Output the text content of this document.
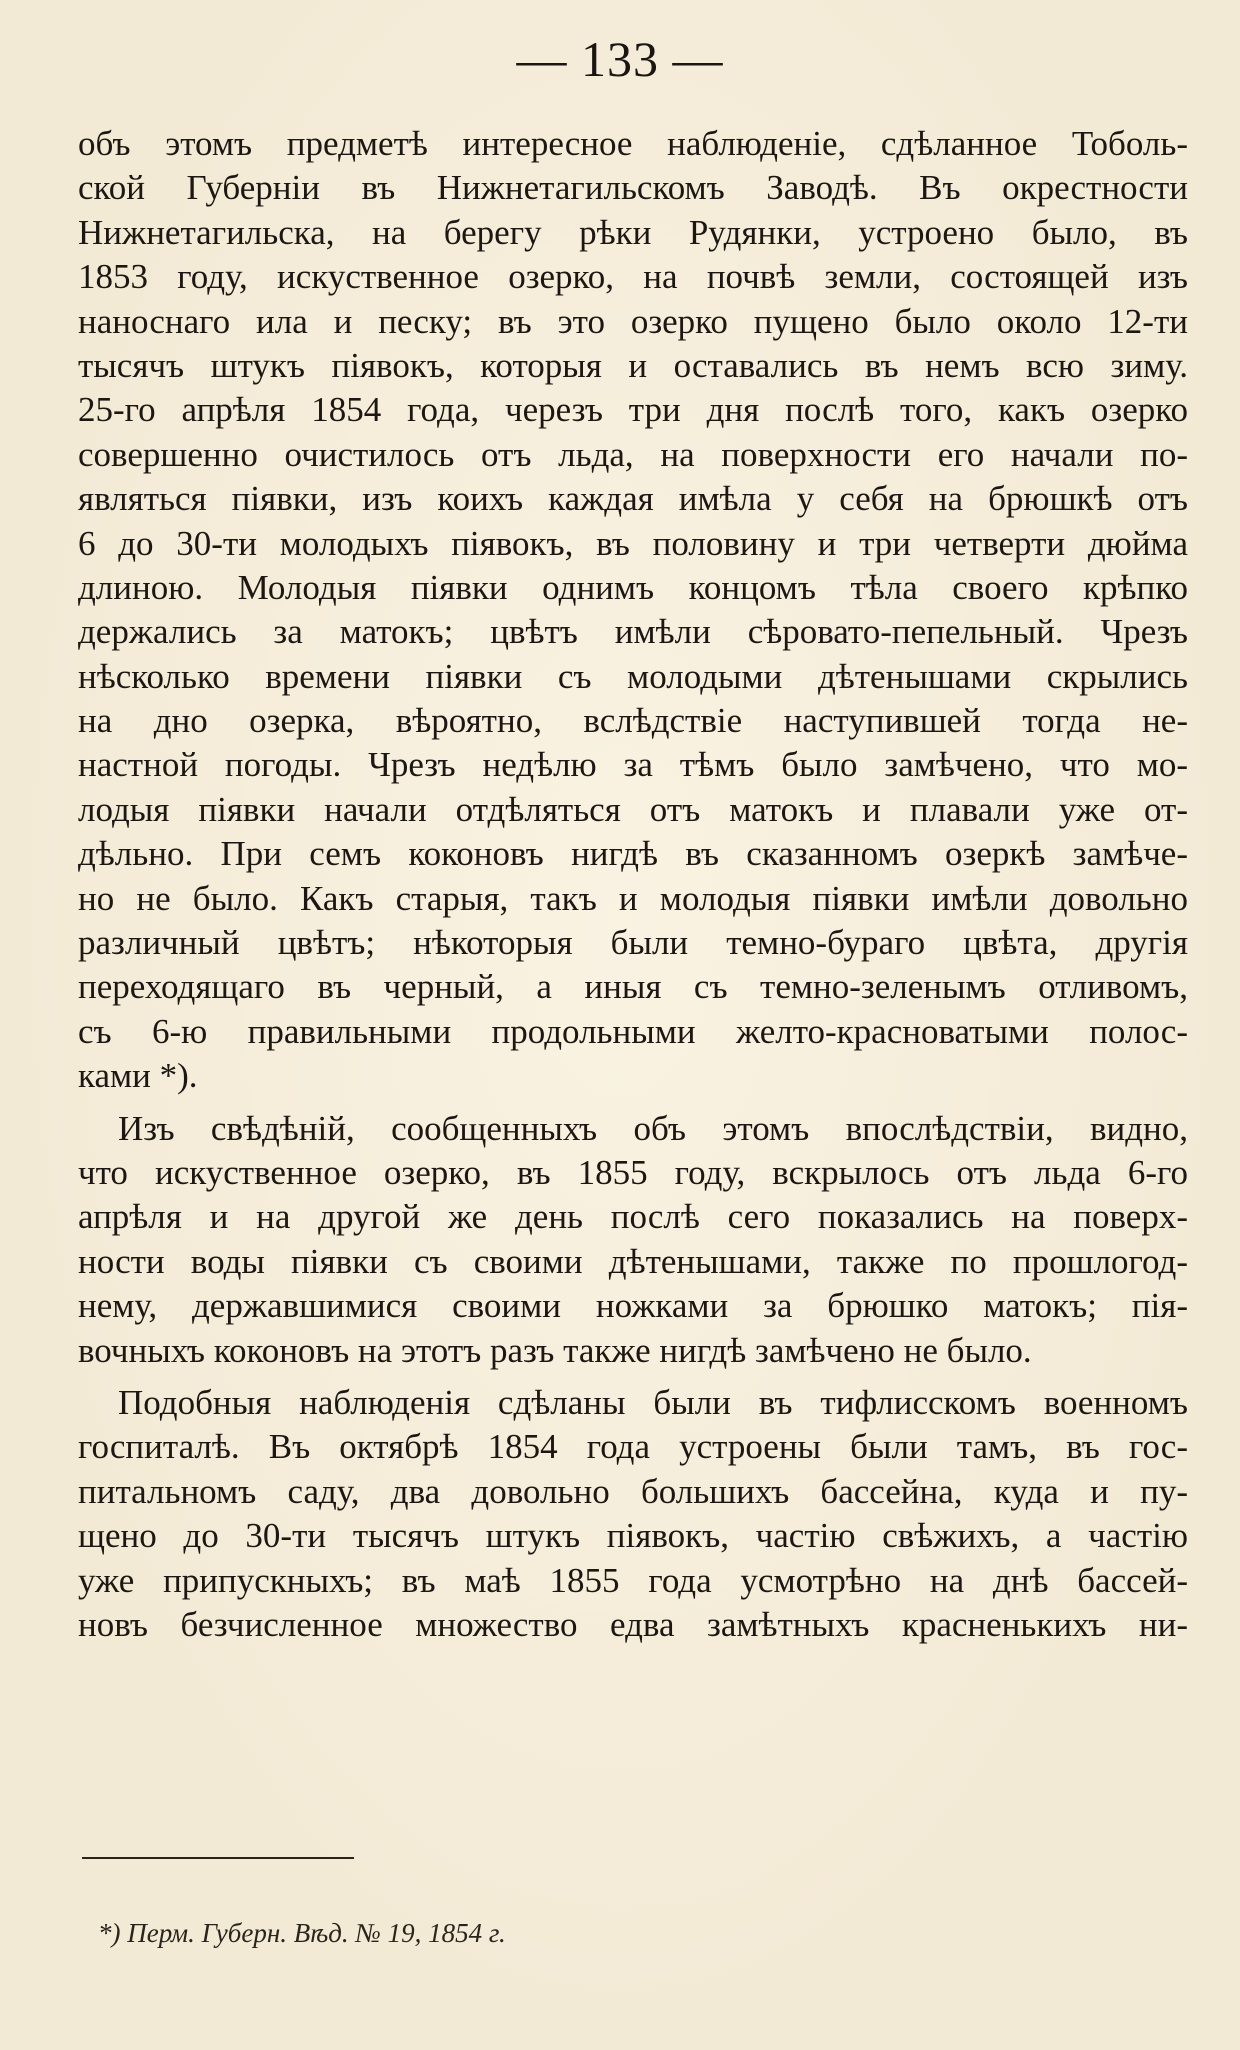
— 133 —
объ этомъ предметѣ интересное наблюденіе, сдѣланное Тоболь-
ской Губерніи въ Нижнетагильскомъ Заводѣ. Въ окрестности
Нижнетагильска, на берегу рѣки Рудянки, устроено было, въ
1853 году, искуственное озерко, на почвѣ земли, состоящей изъ
наноснаго ила и песку; въ это озерко пущено было около 12-ти
тысячъ штукъ піявокъ, которыя и оставались въ немъ всю зиму.
25-го апрѣля 1854 года, черезъ три дня послѣ того, какъ озерко
совершенно очистилось отъ льда, на поверхности его начали по-
являться піявки, изъ коихъ каждая имѣла у себя на брюшкѣ отъ
6 до 30-ти молодыхъ піявокъ, въ половину и три четверти дюйма
длиною. Молодыя піявки однимъ концомъ тѣла своего крѣпко
держались за матокъ; цвѣтъ имѣли сѣровато-пепельный. Чрезъ
нѣсколько времени піявки съ молодыми дѣтенышами скрылись
на дно озерка, вѣроятно, вслѣдствіе наступившей тогда не-
настной погоды. Чрезъ недѣлю за тѣмъ было замѣчено, что мо-
лодыя піявки начали отдѣляться отъ матокъ и плавали уже от-
дѣльно. При семъ коконовъ нигдѣ въ сказанномъ озеркѣ замѣче-
но не было. Какъ старыя, такъ и молодыя піявки имѣли довольно
различный цвѣтъ; нѣкоторыя были темно-бураго цвѣта, другія
переходящаго въ черный, а иныя съ темно-зеленымъ отливомъ,
съ 6-ю правильными продольными желто-красноватыми полос-
ками *).
Изъ свѣдѣній, сообщенныхъ объ этомъ впослѣдствіи, видно,
что искуственное озерко, въ 1855 году, вскрылось отъ льда 6-го
апрѣля и на другой же день послѣ сего показались на поверх-
ности воды піявки съ своими дѣтенышами, также по прошлогод-
нему, державшимися своими ножками за брюшко матокъ; пія-
вочныхъ коконовъ на этотъ разъ также нигдѣ замѣчено не было.
Подобныя наблюденія сдѣланы были въ тифлисскомъ военномъ
госпиталѣ. Въ октябрѣ 1854 года устроены были тамъ, въ гос-
питальномъ саду, два довольно большихъ бассейна, куда и пу-
щено до 30-ти тысячъ штукъ піявокъ, частію свѣжихъ, а частію
уже припускныхъ; въ маѣ 1855 года усмотрѣно на днѣ бассей-
новъ безчисленное множество едва замѣтныхъ красненькихъ ни-
*) Перм. Губерн. Вѣд. № 19, 1854 г.
